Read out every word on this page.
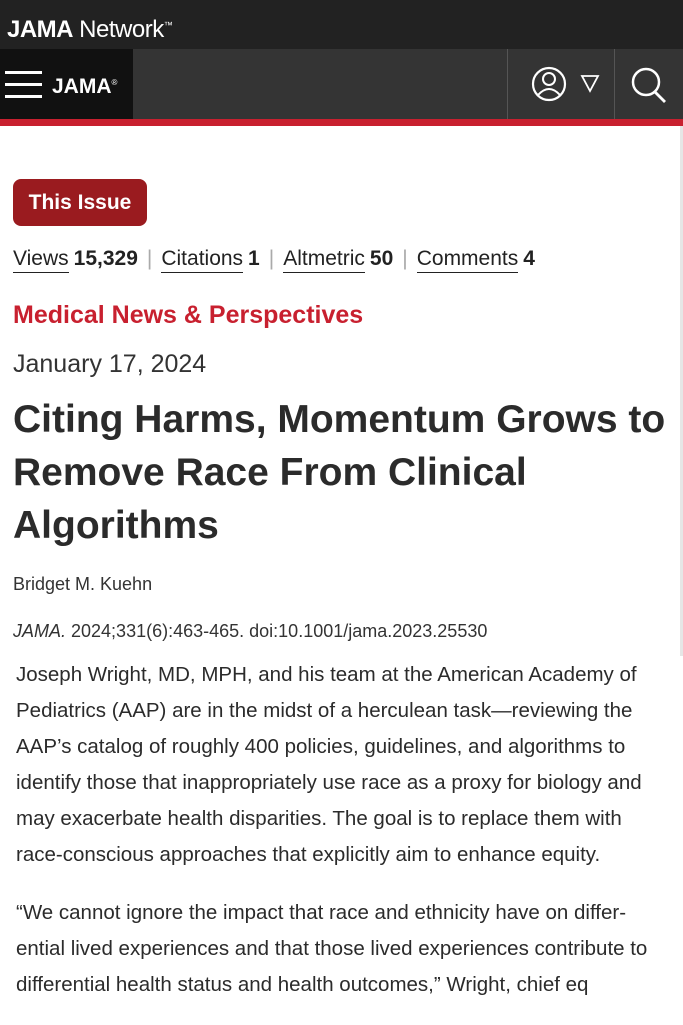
JAMA Network™
JAMA®
This Issue
Views 15,329 | Citations 1 | Altmetric 50 | Comments 4
Medical News & Perspectives
January 17, 2024
Citing Harms, Momentum Grows to Remove Race From Clinical Algorithms
Bridget M. Kuehn
JAMA. 2024;331(6):463-465. doi:10.1001/jama.2023.25530

Joseph Wright, MD, MPH, and his team at the American Academy of Pediatrics (AAP) are in the midst of a herculean task—reviewing the AAP’s catalog of roughly 400 policies, guidelines, and algorithms to identify those that inappropriately use race as a proxy for biology and may exacerbate health disparities. The goal is to replace them with race-conscious approaches that explicitly aim to enhance equity.

“We cannot ignore the impact that race and ethnicity have on differential lived experiences and that those lived experiences contribute to differential health status and health outcomes,” Wright, chief eq
